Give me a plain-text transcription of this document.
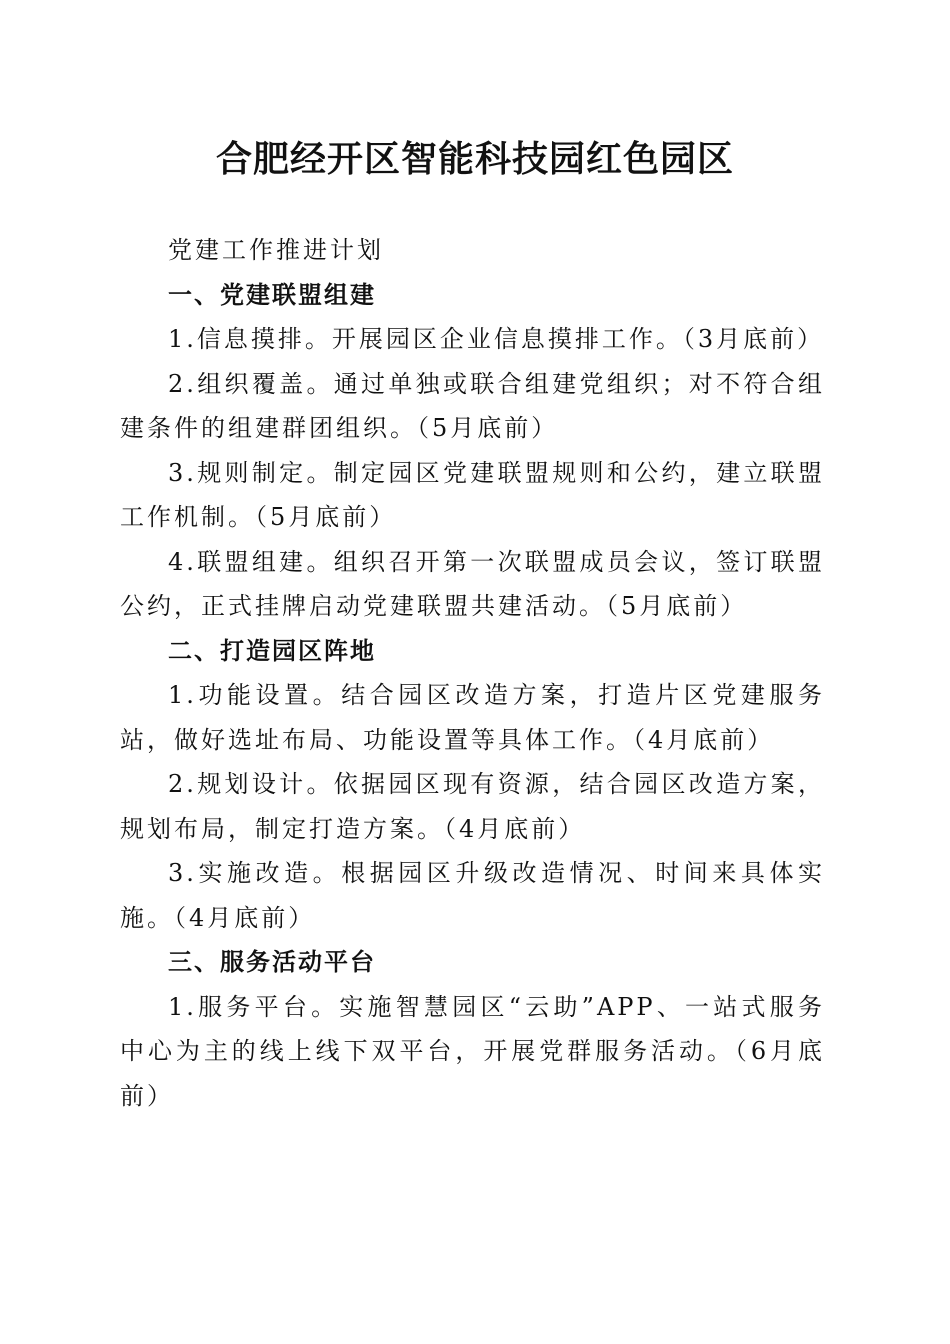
合肥经开区智能科技园红色园区

党建工作推进计划

一、党建联盟组建

1.信息摸排。开展园区企业信息摸排工作。（3月底前）

2.组织覆盖。通过单独或联合组建党组织；对不符合组建条件的组建群团组织。（5月底前）

3.规则制定。制定园区党建联盟规则和公约，建立联盟工作机制。（5月底前）

4.联盟组建。组织召开第一次联盟成员会议，签订联盟公约，正式挂牌启动党建联盟共建活动。（5月底前）

二、打造园区阵地

1.功能设置。结合园区改造方案，打造片区党建服务站，做好选址布局、功能设置等具体工作。（4月底前）

2.规划设计。依据园区现有资源，结合园区改造方案，规划布局，制定打造方案。（4月底前）

3.实施改造。根据园区升级改造情况、时间来具体实施。（4月底前）

三、服务活动平台

1.服务平台。实施智慧园区“云助”APP、一站式服务中心为主的线上线下双平台，开展党群服务活动。（6月底前）
